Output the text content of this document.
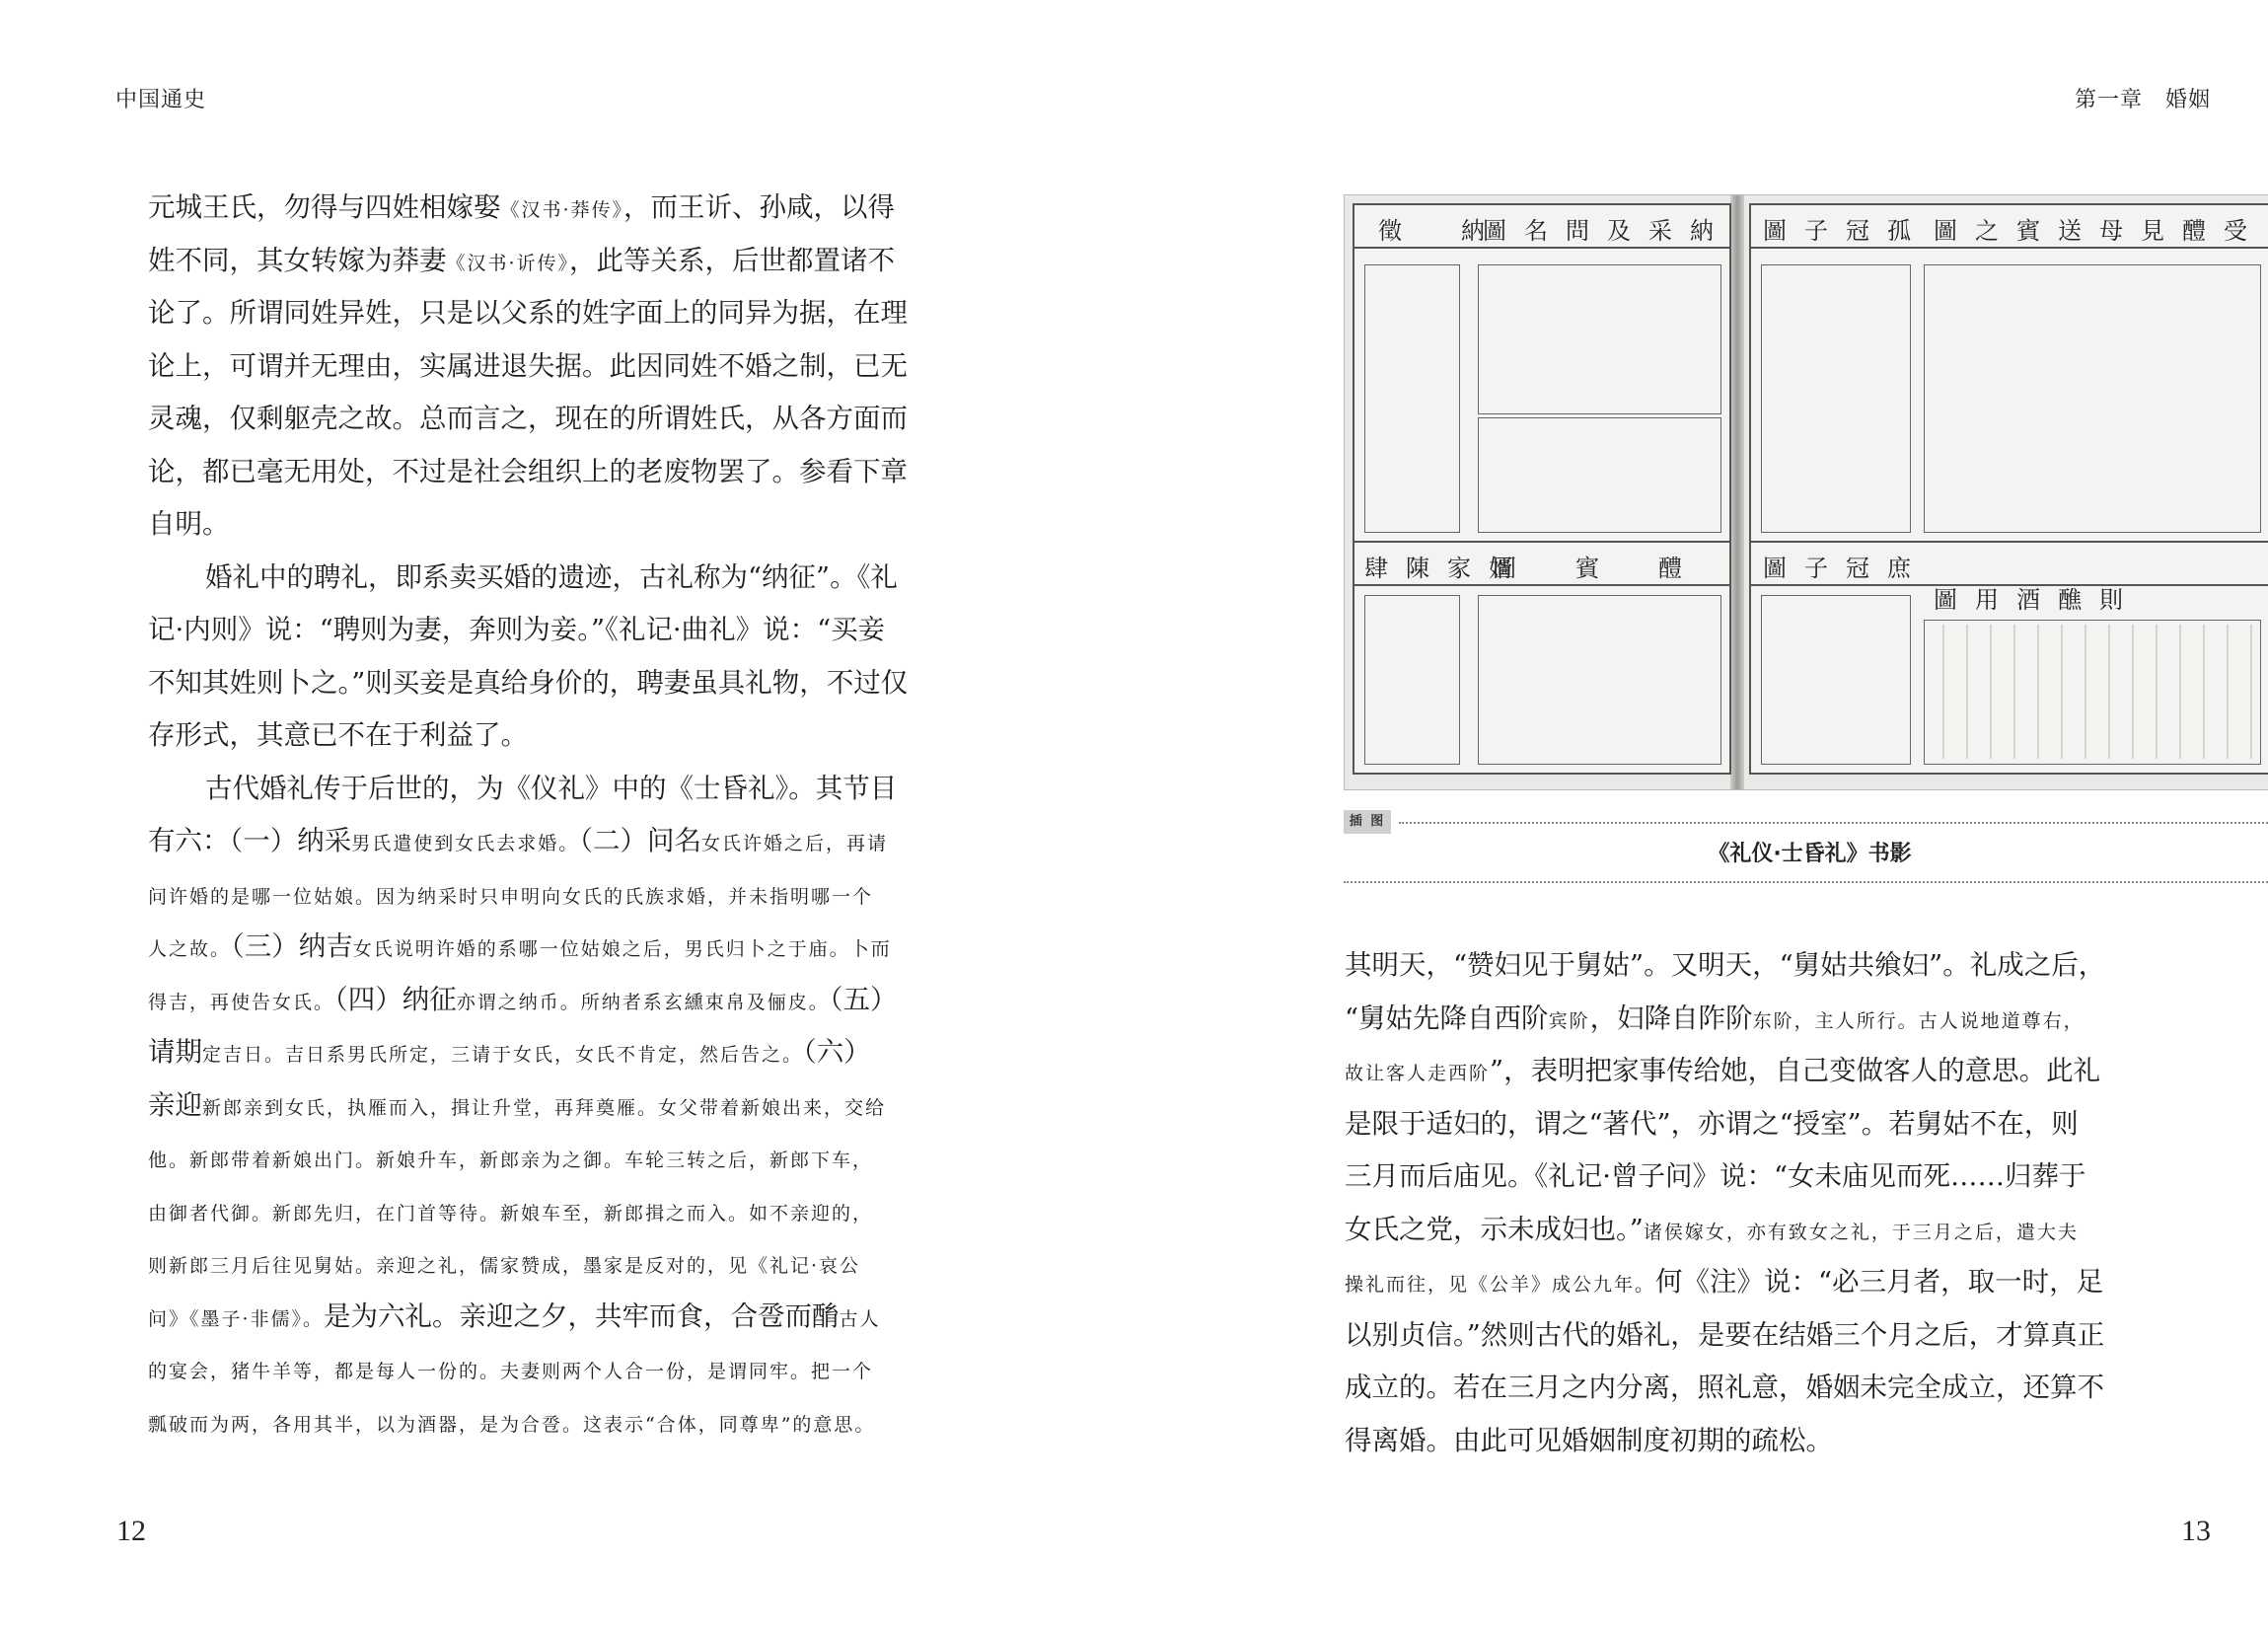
中国通史
元城王氏，勿得与四姓相嫁娶《汉书·莽传》，而王䜣、孙咸，以得
姓不同，其女转嫁为莽妻《汉书·䜣传》，此等关系，后世都置诸不
论了。所谓同姓异姓，只是以父系的姓字面上的同异为据，在理
论上，可谓并无理由，实属进退失据。此因同姓不婚之制，已无
灵魂，仅剩躯壳之故。总而言之，现在的所谓姓氏，从各方面而
论，都已毫无用处，不过是社会组织上的老废物罢了。参看下章
自明。
婚礼中的聘礼，即系卖买婚的遗迹，古礼称为“纳征”。《礼
记·内则》说：“聘则为妻，奔则为妾。”《礼记·曲礼》说：“买妾
不知其姓则卜之。”则买妾是真给身价的，聘妻虽具礼物，不过仅
存形式，其意已不在于利益了。
古代婚礼传于后世的，为《仪礼》中的《士昏礼》。其节目
有六：（一）纳采男氏遣使到女氏去求婚。（二）问名女氏许婚之后，再请
问许婚的是哪一位姑娘。因为纳采时只申明向女氏的氏族求婚，并未指明哪一个
人之故。（三）纳吉女氏说明许婚的系哪一位姑娘之后，男氏归卜之于庙。卜而
得吉，再使告女氏。（四）纳征亦谓之纳币。所纳者系玄纁束帛及俪皮。（五）
请期定吉日。吉日系男氏所定，三请于女氏，女氏不肯定，然后告之。（六）
亲迎新郎亲到女氏，执雁而入，揖让升堂，再拜奠雁。女父带着新娘出来，交给
他。新郎带着新娘出门。新娘升车，新郎亲为之御。车轮三转之后，新郎下车，
由御者代御。新郎先归，在门首等待。新娘车至，新郎揖之而入。如不亲迎的，
则新郎三月后往见舅姑。亲迎之礼，儒家赞成，墨家是反对的，见《礼记·哀公
问》《墨子·非儒》。是为六礼。亲迎之夕，共牢而食，合卺而酳古人
的宴会，猪牛羊等，都是每人一份的。夫妻则两个人合一份，是谓同牢。把一个
瓢破而为两，各用其半，以为酒器，是为合卺。这表示“合体，同尊卑”的意思。
12
第一章　婚姻
徵　納
圖名問及采納
肆陳家婿
圖　賓　醴
圖子冠孤 圖之賓送母見醴受
圖子冠庶
圖用酒醮則
插 图
《礼仪·士昏礼》书影
其明天，“赞妇见于舅姑”。又明天，“舅姑共飨妇”。礼成之后，
“舅姑先降自西阶宾阶，妇降自阼阶东阶，主人所行。古人说地道尊右，
故让客人走西阶”，表明把家事传给她，自己变做客人的意思。此礼
是限于适妇的，谓之“著代”，亦谓之“授室”。若舅姑不在，则
三月而后庙见。《礼记·曾子问》说：“女未庙见而死……归葬于
女氏之党，示未成妇也。”诸侯嫁女，亦有致女之礼，于三月之后，遣大夫
操礼而往，见《公羊》成公九年。何《注》说：“必三月者，取一时，足
以别贞信。”然则古代的婚礼，是要在结婚三个月之后，才算真正
成立的。若在三月之内分离，照礼意，婚姻未完全成立，还算不
得离婚。由此可见婚姻制度初期的疏松。
13
